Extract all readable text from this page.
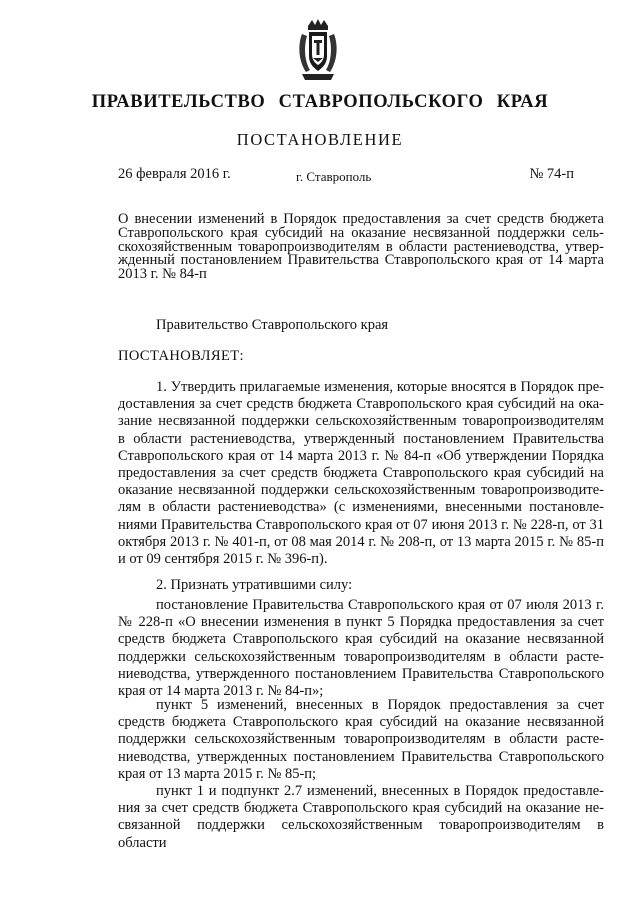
ПРАВИТЕЛЬСТВО СТАВРОПОЛЬСКОГО КРАЯ
ПОСТАНОВЛЕНИЕ
26 февраля 2016 г.	г. Ставрополь	№ 74-п
О внесении изменений в Порядок предоставления за счет средств бюджета Ставропольского края субсидий на оказание несвязанной поддержки сель-скохозяйственным товаропроизводителям в области растениеводства, утвер-жденный постановлением Правительства Ставропольского края от 14 марта 2013 г. № 84-п
Правительство Ставропольского края
ПОСТАНОВЛЯЕТ:
1. Утвердить прилагаемые изменения, которые вносятся в Порядок пре-доставления за счет средств бюджета Ставропольского края субсидий на ока-зание несвязанной поддержки сельскохозяйственным товаропроизводителям в области растениеводства, утвержденный постановлением Правительства Ставропольского края от 14 марта 2013 г. № 84-п «Об утверждении Порядка предоставления за счет средств бюджета Ставропольского края субсидий на оказание несвязанной поддержки сельскохозяйственным товаропроизводите-лям в области растениеводства» (с изменениями, внесенными постановле-ниями Правительства Ставропольского края от 07 июня 2013 г. № 228-п, от 31 октября 2013 г. № 401-п, от 08 мая 2014 г. № 208-п, от 13 марта 2015 г. № 85-п и от 09 сентября 2015 г. № 396-п).
2. Признать утратившими силу:
постановление Правительства Ставропольского края от 07 июля 2013 г. № 228-п «О внесении изменения в пункт 5 Порядка предоставления за счет средств бюджета Ставропольского края субсидий на оказание несвязанной поддержки сельскохозяйственным товаропроизводителям в области расте-ниеводства, утвержденного постановлением Правительства Ставропольского края от 14 марта 2013 г. № 84-п»;
пункт 5 изменений, внесенных в Порядок предоставления за счет средств бюджета Ставропольского края субсидий на оказание несвязанной поддержки сельскохозяйственным товаропроизводителям в области расте-ниеводства, утвержденных постановлением Правительства Ставропольского края от 13 марта 2015 г. № 85-п;
пункт 1 и подпункт 2.7 изменений, внесенных в Порядок предоставле-ния за счет средств бюджета Ставропольского края субсидий на оказание не-связанной поддержки сельскохозяйственным товаропроизводителям в области
